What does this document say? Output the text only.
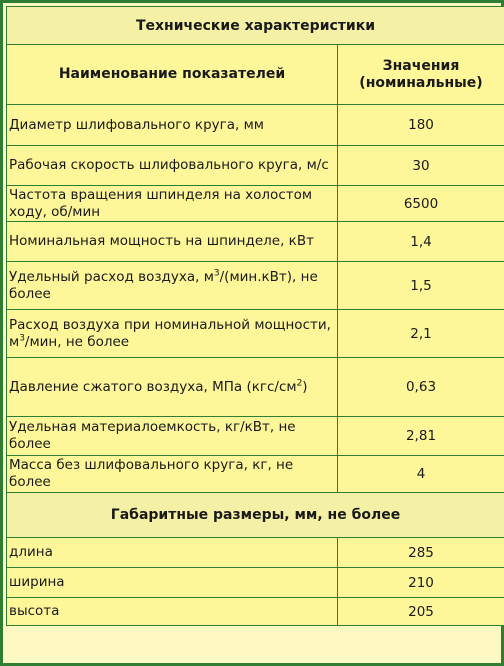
Технические характеристики	
Наименование показателей	Значения (номинальные)
Диаметр шлифовального круга, мм	180
Рабочая скорость шлифовального круга, м/с	30
Частота вращения шпинделя на холостом ходу, об/мин	6500
Номинальная мощность на шпинделе, кВт	1,4
Удельный расход воздуха, $м^3/(мин.кВт)$, не более	1,5
Расход воздуха при номинальной мощности, $м^3$/мин, не более	2,1
Давление сжатого воздуха, МПа $(кгс/см^2)$	0,63
Удельная материалоемкость, кг/кВт, не более	2,81
Масса без шлифовального круга, кг, не более	4
Габаритные размеры, мм, не более	
длина	285
ширина	210
высота	205
